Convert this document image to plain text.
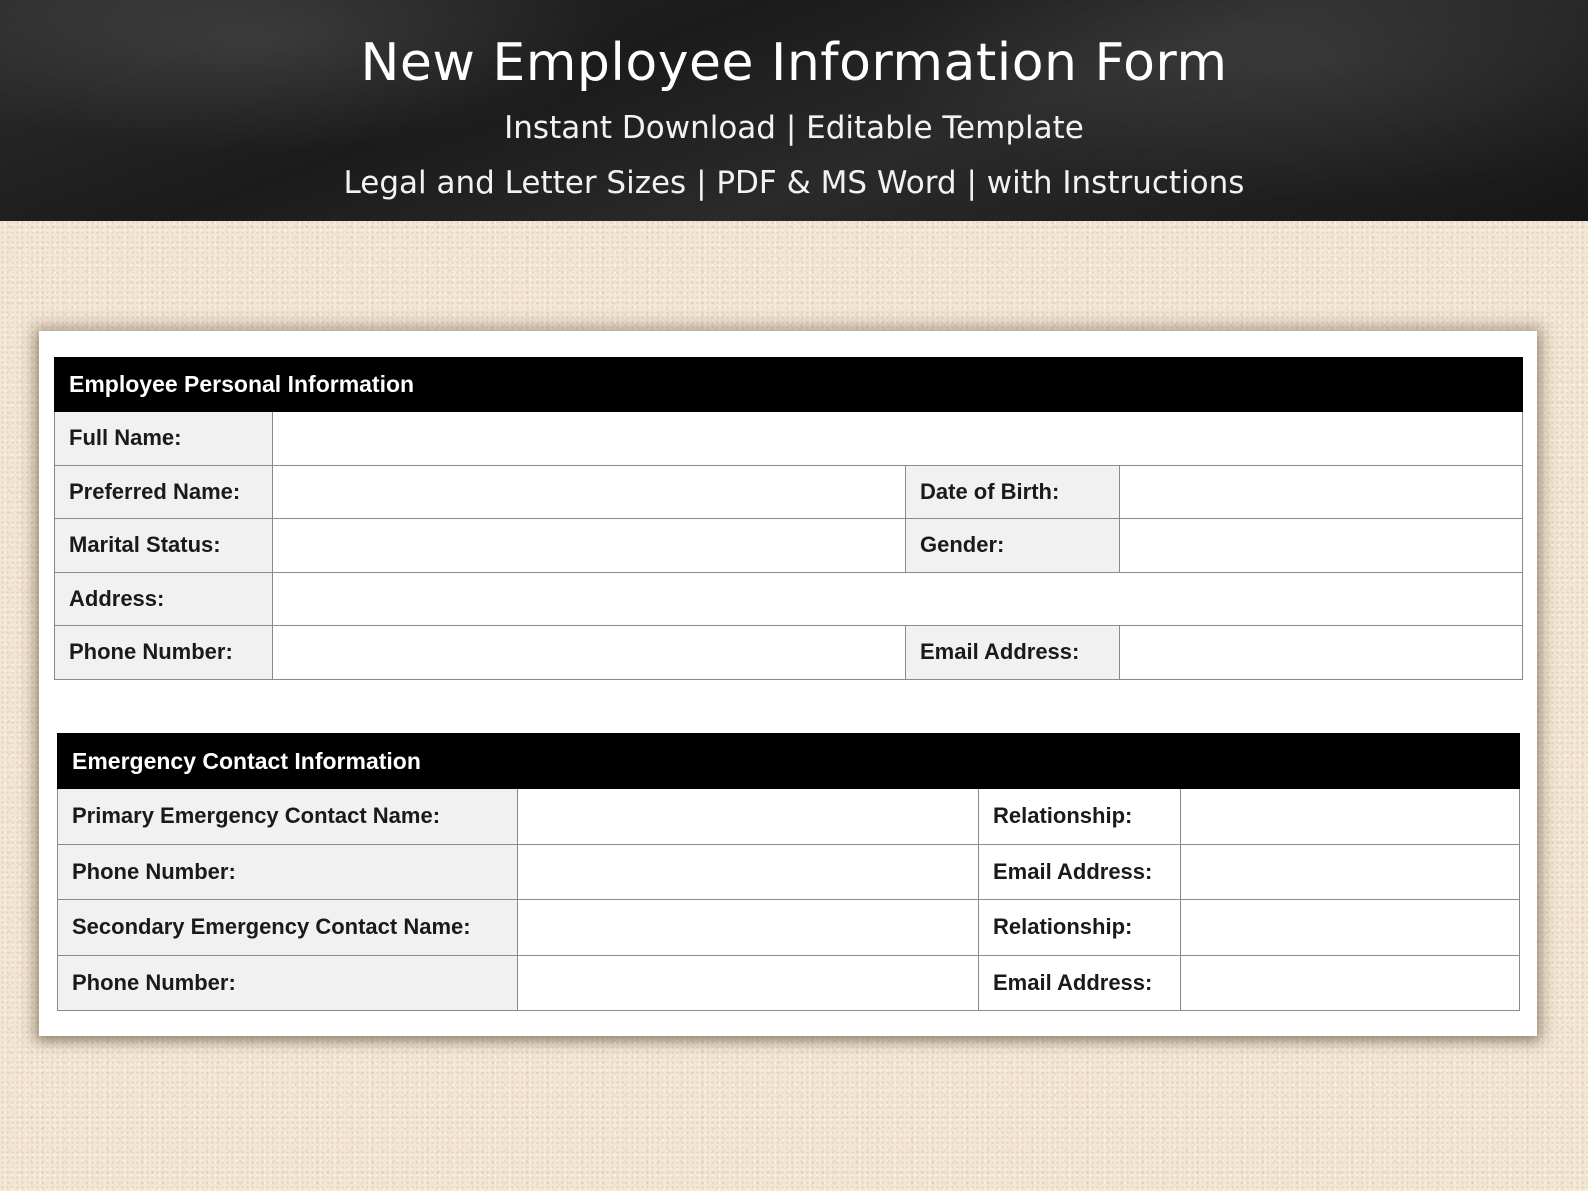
New Employee Information Form
Instant Download | Editable Template
Legal and Letter Sizes | PDF & MS Word | with Instructions
Employee Personal Information			
Full Name:			
Preferred Name:		Date of Birth:	
Marital Status:		Gender:	
Address:			
Phone Number:		Email Address:	
Emergency Contact Information			
Primary Emergency Contact Name:		Relationship:	
Phone Number:		Email Address:	
Secondary Emergency Contact Name:		Relationship:	
Phone Number:		Email Address:	
